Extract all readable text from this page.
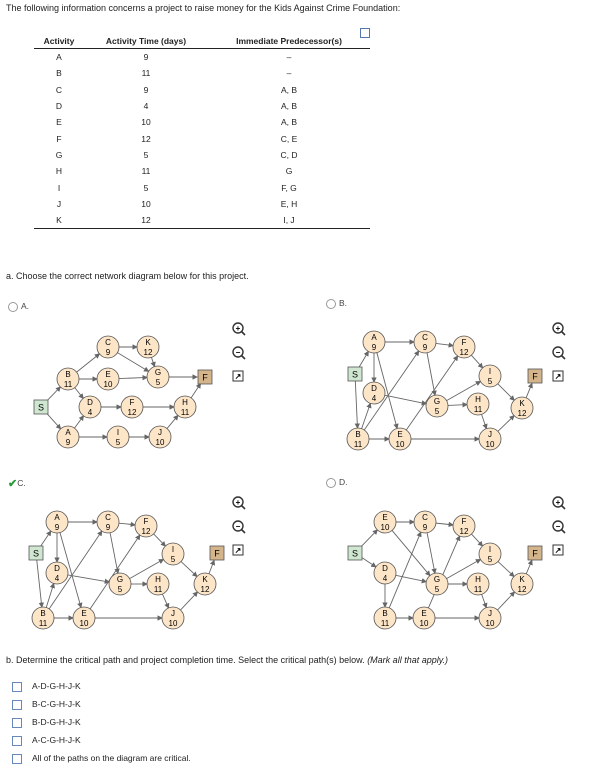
The following information concerns a project to raise money for the Kids Against Crime Foundation:
Activity	Activity Time (days)	Immediate Predecessor(s)
A	9	–
B	11	–
C	9	A, B
D	4	A, B
E	10	A, B
F	12	C, E
G	5	C, D
H	11	G
I	5	F, G
J	10	E, H
K	12	I, J
a. Choose the correct network diagram below for this project.
A.	B.
✔C.	D.
S
B
11
A
9
D
4
C
9
E
10
I
5
F
12
K
12
G
5
J
10
H
11
F
+
−
↗	S
A
9
D
4
B
11
E
10
C
9
G
5
F
12
H
11
I
5
J
10
K
12
F
+
−
↗
S
A
9
D
4
B
11
E
10
C
9
G
5
F
12
H
11
I
5
J
10
K
12
F
+
−
↗	S
E
10
D
4
B
11
E
10
C
9
G
5
F
12
H
11
I
5
J
10
K
12
F
+
−
↗
b. Determine the critical path and project completion time. Select the critical path(s) below. (Mark all that apply.)
A-D-G-H-J-K
B-C-G-H-J-K
B-D-G-H-J-K
A-C-G-H-J-K
All of the paths on the diagram are critical.
